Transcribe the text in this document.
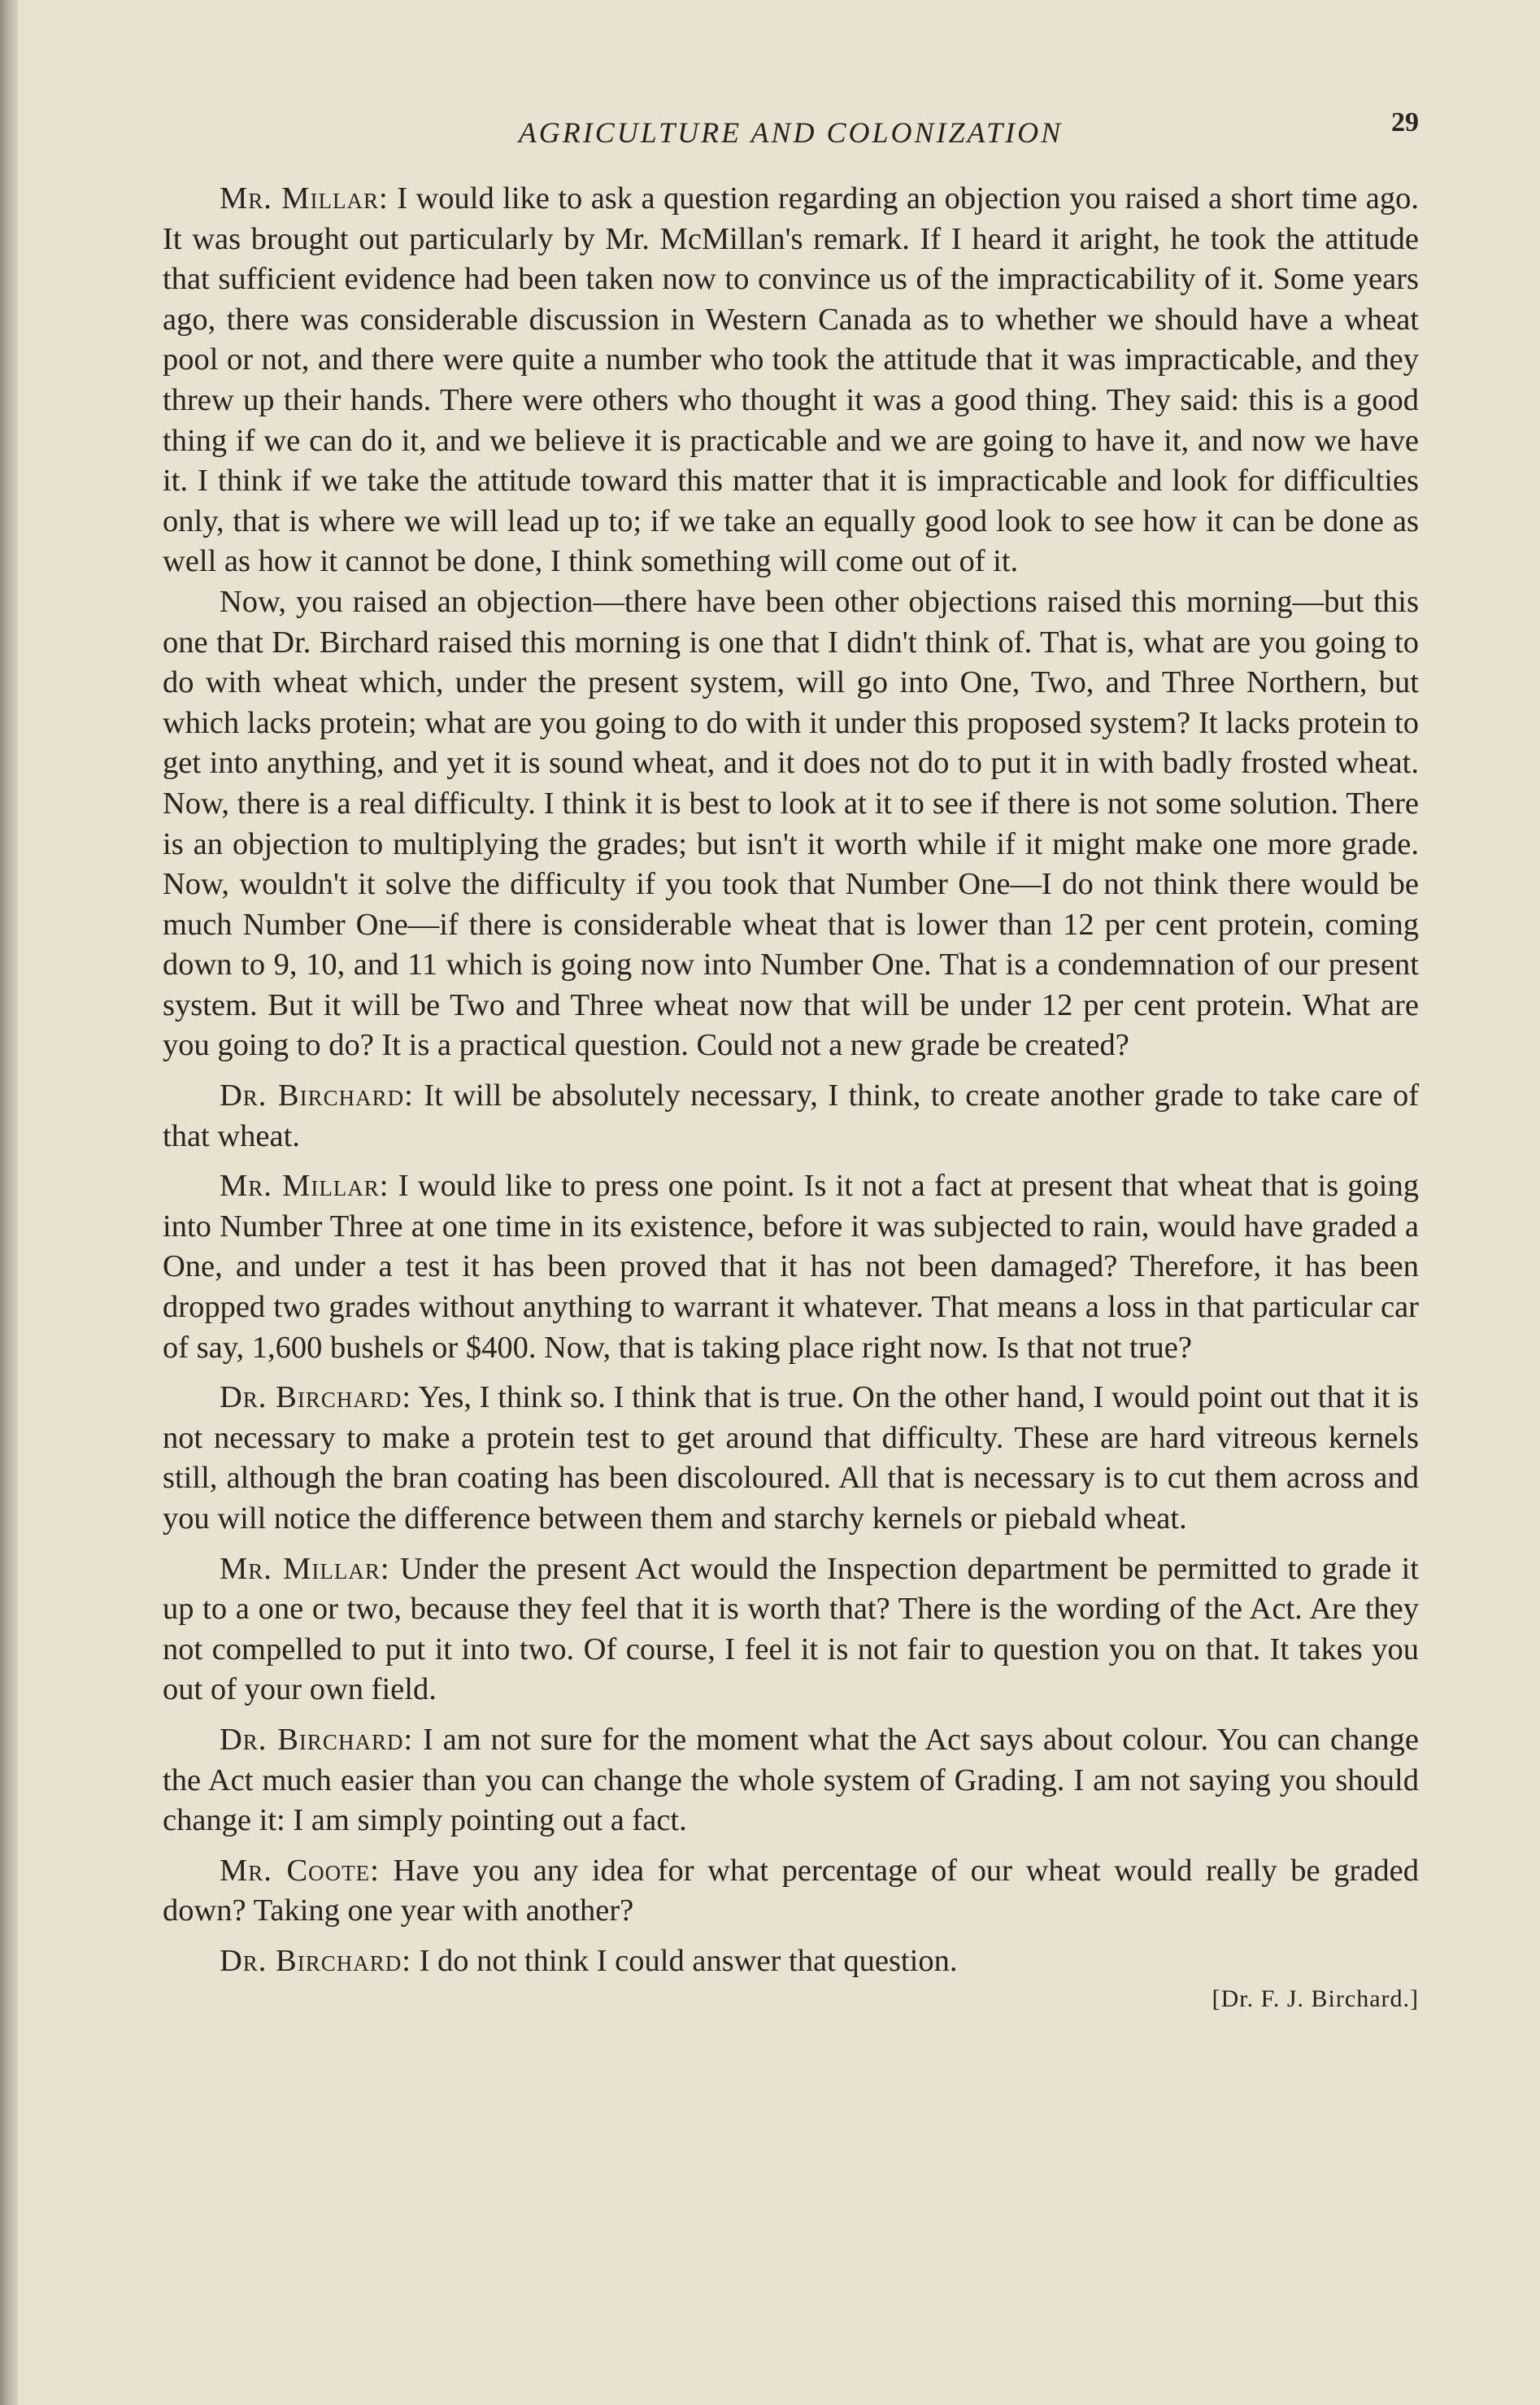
AGRICULTURE AND COLONIZATION	29

Mr. Millar: I would like to ask a question regarding an objection you raised a short time ago. It was brought out particularly by Mr. McMillan's remark. If I heard it aright, he took the attitude that sufficient evidence had been taken now to convince us of the impracticability of it. Some years ago, there was considerable discussion in Western Canada as to whether we should have a wheat pool or not, and there were quite a number who took the attitude that it was impracticable, and they threw up their hands. There were others who thought it was a good thing. They said: this is a good thing if we can do it, and we believe it is practicable and we are going to have it, and now we have it. I think if we take the attitude toward this matter that it is impracticable and look for difficulties only, that is where we will lead up to; if we take an equally good look to see how it can be done as well as how it cannot be done, I think something will come out of it.

Now, you raised an objection—there have been other objections raised this morning—but this one that Dr. Birchard raised this morning is one that I didn't think of. That is, what are you going to do with wheat which, under the present system, will go into One, Two, and Three Northern, but which lacks protein; what are you going to do with it under this proposed system? It lacks protein to get into anything, and yet it is sound wheat, and it does not do to put it in with badly frosted wheat. Now, there is a real difficulty. I think it is best to look at it to see if there is not some solution. There is an objection to multiplying the grades; but isn't it worth while if it might make one more grade. Now, wouldn't it solve the difficulty if you took that Number One—I do not think there would be much Number One—if there is considerable wheat that is lower than 12 per cent protein, coming down to 9, 10, and 11 which is going now into Number One. That is a condemnation of our present system. But it will be Two and Three wheat now that will be under 12 per cent protein. What are you going to do? It is a practical question. Could not a new grade be created?

Dr. Birchard: It will be absolutely necessary, I think, to create another grade to take care of that wheat.

Mr. Millar: I would like to press one point. Is it not a fact at present that wheat that is going into Number Three at one time in its existence, before it was subjected to rain, would have graded a One, and under a test it has been proved that it has not been damaged? Therefore, it has been dropped two grades without anything to warrant it whatever. That means a loss in that particular car of say, 1,600 bushels or $400. Now, that is taking place right now. Is that not true?

Dr. Birchard: Yes, I think so. I think that is true. On the other hand, I would point out that it is not necessary to make a protein test to get around that difficulty. These are hard vitreous kernels still, although the bran coating has been discoloured. All that is necessary is to cut them across and you will notice the difference between them and starchy kernels or piebald wheat.

Mr. Millar: Under the present Act would the Inspection department be permitted to grade it up to a one or two, because they feel that it is worth that? There is the wording of the Act. Are they not compelled to put it into two. Of course, I feel it is not fair to question you on that. It takes you out of your own field.

Dr. Birchard: I am not sure for the moment what the Act says about colour. You can change the Act much easier than you can change the whole system of Grading. I am not saying you should change it: I am simply pointing out a fact.

Mr. Coote: Have you any idea for what percentage of our wheat would really be graded down? Taking one year with another?

Dr. Birchard: I do not think I could answer that question.

[Dr. F. J. Birchard.]
